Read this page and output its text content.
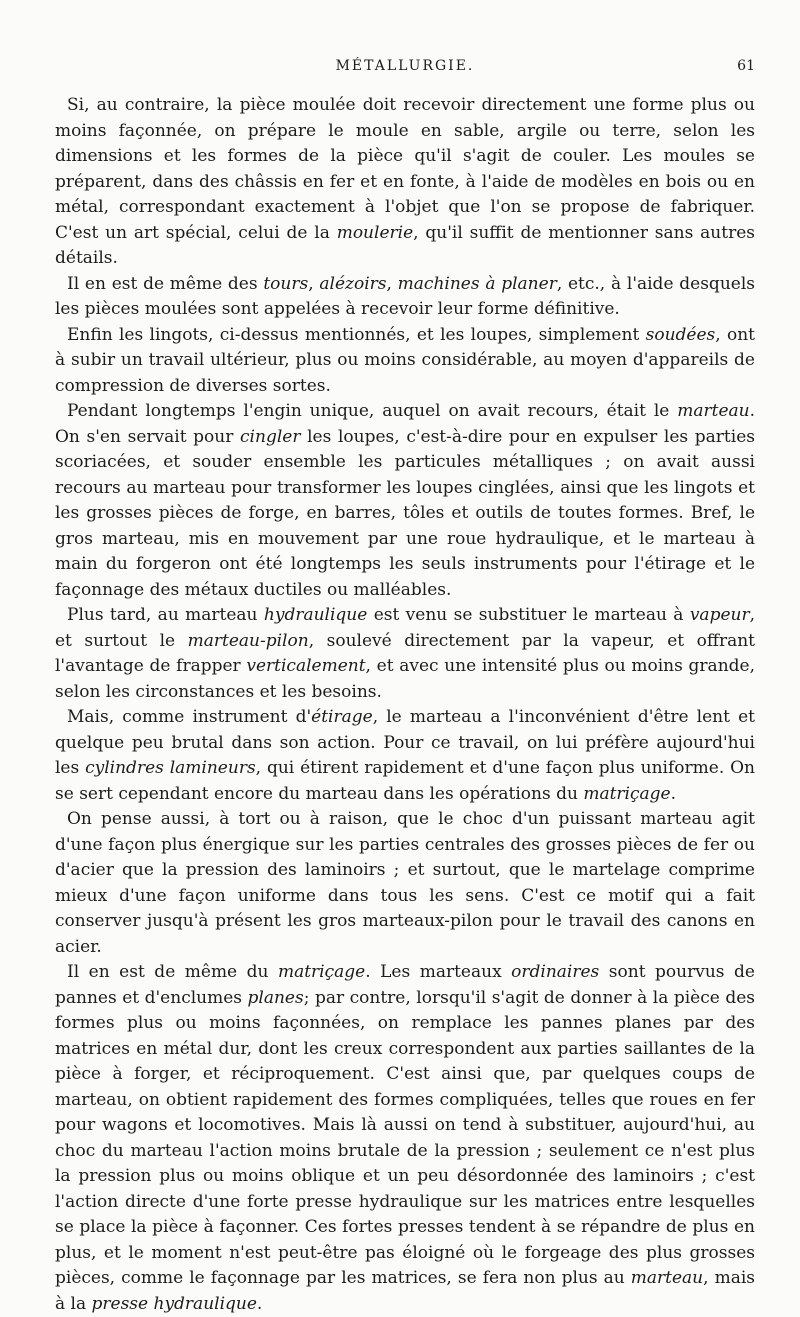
MÉTALLURGIE.	61

Si, au contraire, la pièce moulée doit recevoir directement une forme plus ou moins façonnée, on prépare le moule en sable, argile ou terre, selon les dimensions et les formes de la pièce qu'il s'agit de couler. Les moules se préparent, dans des châssis en fer et en fonte, à l'aide de modèles en bois ou en métal, correspondant exactement à l'objet que l'on se propose de fabriquer. C'est un art spécial, celui de la moulerie, qu'il suffit de mentionner sans autres détails.

Il en est de même des tours, alézoirs, machines à planer, etc., à l'aide desquels les pièces moulées sont appelées à recevoir leur forme définitive.

Enfin les lingots, ci-dessus mentionnés, et les loupes, simplement soudées, ont à subir un travail ultérieur, plus ou moins considérable, au moyen d'appareils de compression de diverses sortes.

Pendant longtemps l'engin unique, auquel on avait recours, était le marteau. On s'en servait pour cingler les loupes, c'est-à-dire pour en expulser les parties scoriacées, et souder ensemble les particules métalliques ; on avait aussi recours au marteau pour transformer les loupes cinglées, ainsi que les lingots et les grosses pièces de forge, en barres, tôles et outils de toutes formes. Bref, le gros marteau, mis en mouvement par une roue hydraulique, et le marteau à main du forgeron ont été longtemps les seuls instruments pour l'étirage et le façonnage des métaux ductiles ou malléables.

Plus tard, au marteau hydraulique est venu se substituer le marteau à vapeur, et surtout le marteau-pilon, soulevé directement par la vapeur, et offrant l'avantage de frapper verticalement, et avec une intensité plus ou moins grande, selon les circonstances et les besoins.

Mais, comme instrument d'étirage, le marteau a l'inconvénient d'être lent et quelque peu brutal dans son action. Pour ce travail, on lui préfère aujourd'hui les cylindres lamineurs, qui étirent rapidement et d'une façon plus uniforme. On se sert cependant encore du marteau dans les opérations du matriçage.

On pense aussi, à tort ou à raison, que le choc d'un puissant marteau agit d'une façon plus énergique sur les parties centrales des grosses pièces de fer ou d'acier que la pression des laminoirs ; et surtout, que le martelage comprime mieux d'une façon uniforme dans tous les sens. C'est ce motif qui a fait conserver jusqu'à présent les gros marteaux-pilon pour le travail des canons en acier.

Il en est de même du matriçage. Les marteaux ordinaires sont pourvus de pannes et d'enclumes planes; par contre, lorsqu'il s'agit de donner à la pièce des formes plus ou moins façonnées, on remplace les pannes planes par des matrices en métal dur, dont les creux correspondent aux parties saillantes de la pièce à forger, et réciproquement. C'est ainsi que, par quelques coups de marteau, on obtient rapidement des formes compliquées, telles que roues en fer pour wagons et locomotives. Mais là aussi on tend à substituer, aujourd'hui, au choc du marteau l'action moins brutale de la pression ; seulement ce n'est plus la pression plus ou moins oblique et un peu désordonnée des laminoirs ; c'est l'action directe d'une forte presse hydraulique sur les matrices entre lesquelles se place la pièce à façonner. Ces fortes presses tendent à se répandre de plus en plus, et le moment n'est peut-être pas éloigné où le forgeage des plus grosses pièces, comme le façonnage par les matrices, se fera non plus au marteau, mais à la presse hydraulique.
